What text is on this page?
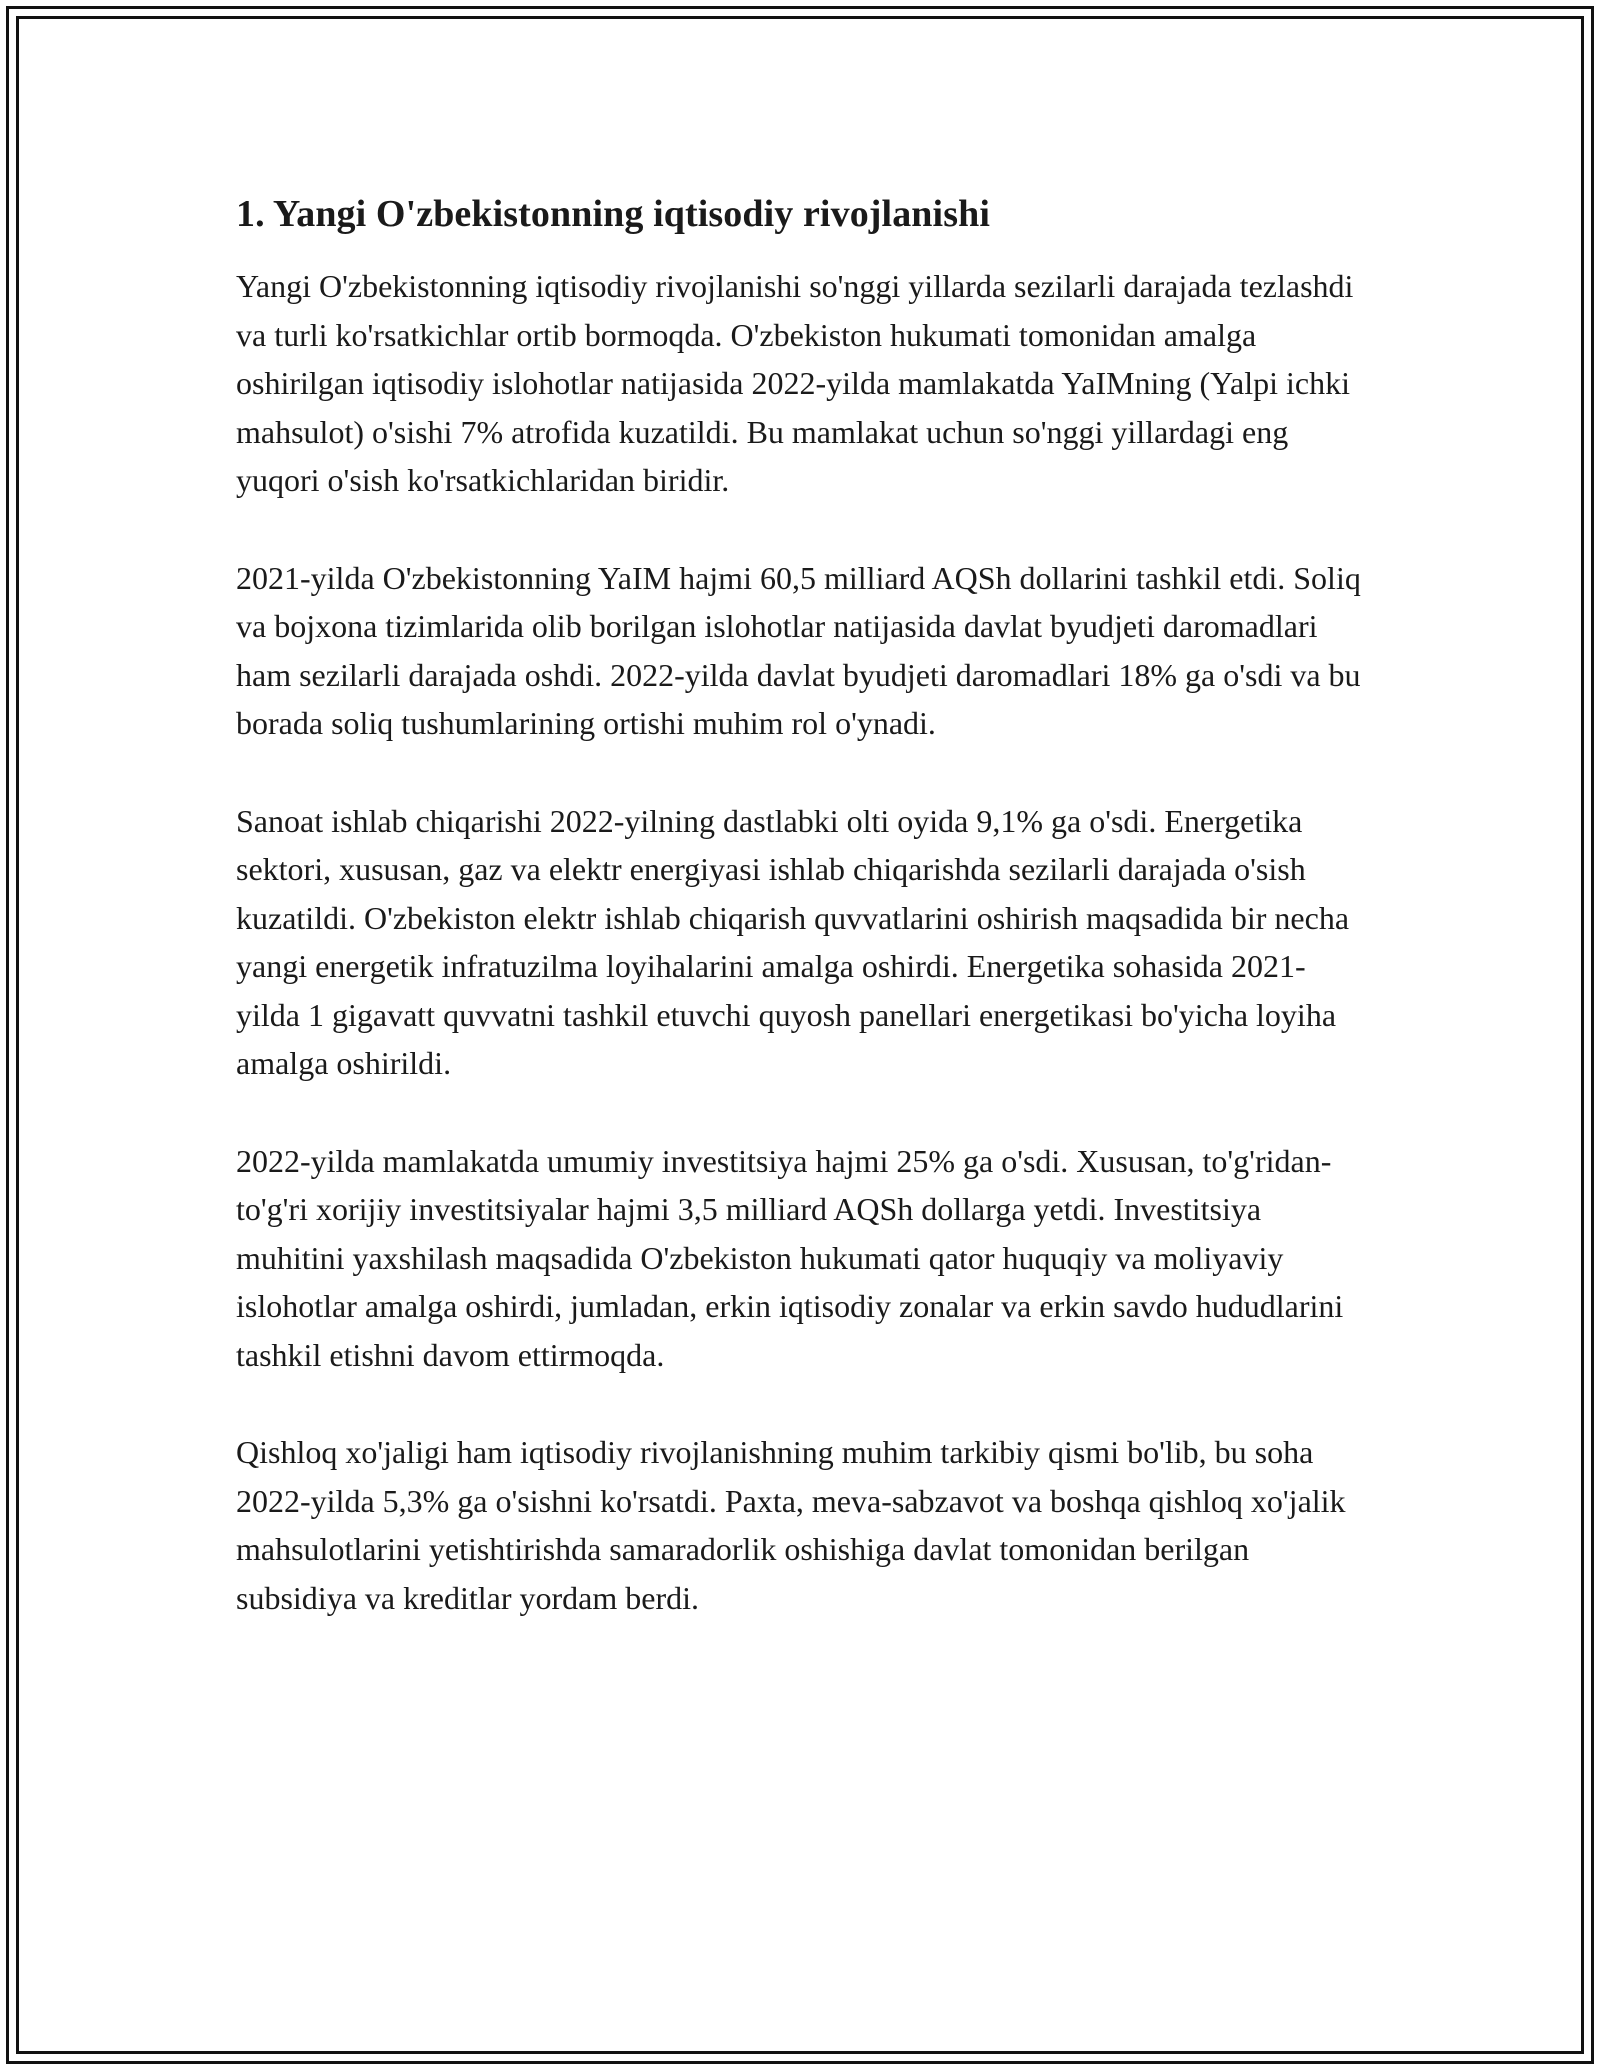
1. Yangi O'zbekistonning iqtisodiy rivojlanishi

Yangi O'zbekistonning iqtisodiy rivojlanishi so'nggi yillarda sezilarli darajada tezlashdi va turli ko'rsatkichlar ortib bormoqda. O'zbekiston hukumati tomonidan amalga oshirilgan iqtisodiy islohotlar natijasida 2022-yilda mamlakatda YaIMning (Yalpi ichki mahsulot) o'sishi 7% atrofida kuzatildi. Bu mamlakat uchun so'nggi yillardagi eng yuqori o'sish ko'rsatkichlaridan biridir.

2021-yilda O'zbekistonning YaIM hajmi 60,5 milliard AQSh dollarini tashkil etdi. Soliq va bojxona tizimlarida olib borilgan islohotlar natijasida davlat byudjeti daromadlari ham sezilarli darajada oshdi. 2022-yilda davlat byudjeti daromadlari 18% ga o'sdi va bu borada soliq tushumlarining ortishi muhim rol o'ynadi.

Sanoat ishlab chiqarishi 2022-yilning dastlabki olti oyida 9,1% ga o'sdi. Energetika sektori, xususan, gaz va elektr energiyasi ishlab chiqarishda sezilarli darajada o'sish kuzatildi. O'zbekiston elektr ishlab chiqarish quvvatlarini oshirish maqsadida bir necha yangi energetik infratuzilma loyihalarini amalga oshirdi. Energetika sohasida 2021-yilda 1 gigavatt quvvatni tashkil etuvchi quyosh panellari energetikasi bo'yicha loyiha amalga oshirildi.

2022-yilda mamlakatda umumiy investitsiya hajmi 25% ga o'sdi. Xususan, to'g'ridan-to'g'ri xorijiy investitsiyalar hajmi 3,5 milliard AQSh dollarga yetdi. Investitsiya muhitini yaxshilash maqsadida O'zbekiston hukumati qator huquqiy va moliyaviy islohotlar amalga oshirdi, jumladan, erkin iqtisodiy zonalar va erkin savdo hududlarini tashkil etishni davom ettirmoqda.

Qishloq xo'jaligi ham iqtisodiy rivojlanishning muhim tarkibiy qismi bo'lib, bu soha 2022-yilda 5,3% ga o'sishni ko'rsatdi. Paxta, meva-sabzavot va boshqa qishloq xo'jalik mahsulotlarini yetishtirishda samaradorlik oshishiga davlat tomonidan berilgan subsidiya va kreditlar yordam berdi.
